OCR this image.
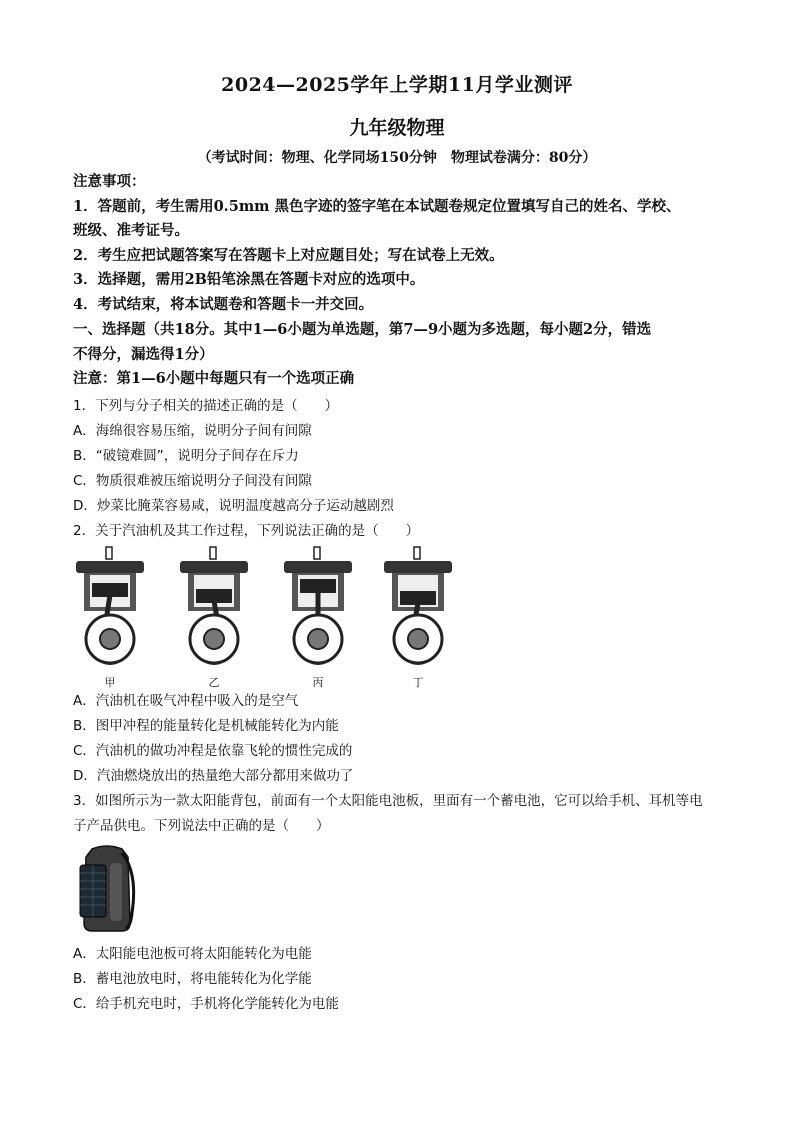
2024—2025学年上学期11月学业测评
九年级物理
（考试时间：物理、化学同场150分钟　物理试卷满分：80分）
注意事项：
1．答题前，考生需用0.5mm 黑色字迹的签字笔在本试题卷规定位置填写自己的姓名、学校、
班级、准考证号。
2．考生应把试题答案写在答题卡上对应题目处；写在试卷上无效。
3．选择题，需用2B铅笔涂黑在答题卡对应的选项中。
4．考试结束，将本试题卷和答题卡一并交回。
一、选择题（共18分。其中1—6小题为单选题，第7—9小题为多选题，每小题2分，错选
不得分，漏选得1分）
注意：第1—6小题中每题只有一个选项正确
1．下列与分子相关的描述正确的是（　　）
A．海绵很容易压缩，说明分子间有间隙
B．“破镜难圆”，说明分子间存在斥力
C．物质很难被压缩说明分子间没有间隙
D．炒菜比腌菜容易咸，说明温度越高分子运动越剧烈
2．关于汽油机及其工作过程，下列说法正确的是（　　）
甲	乙	丙	丁
A．汽油机在吸气冲程中吸入的是空气
B．图甲冲程的能量转化是机械能转化为内能
C．汽油机的做功冲程是依靠飞轮的惯性完成的
D．汽油燃烧放出的热量绝大部分都用来做功了
3．如图所示为一款太阳能背包，前面有一个太阳能电池板，里面有一个蓄电池，它可以给手机、耳机等电
子产品供电。下列说法中正确的是（　　）
A．太阳能电池板可将太阳能转化为电能
B．蓄电池放电时，将电能转化为化学能
C．给手机充电时，手机将化学能转化为电能
